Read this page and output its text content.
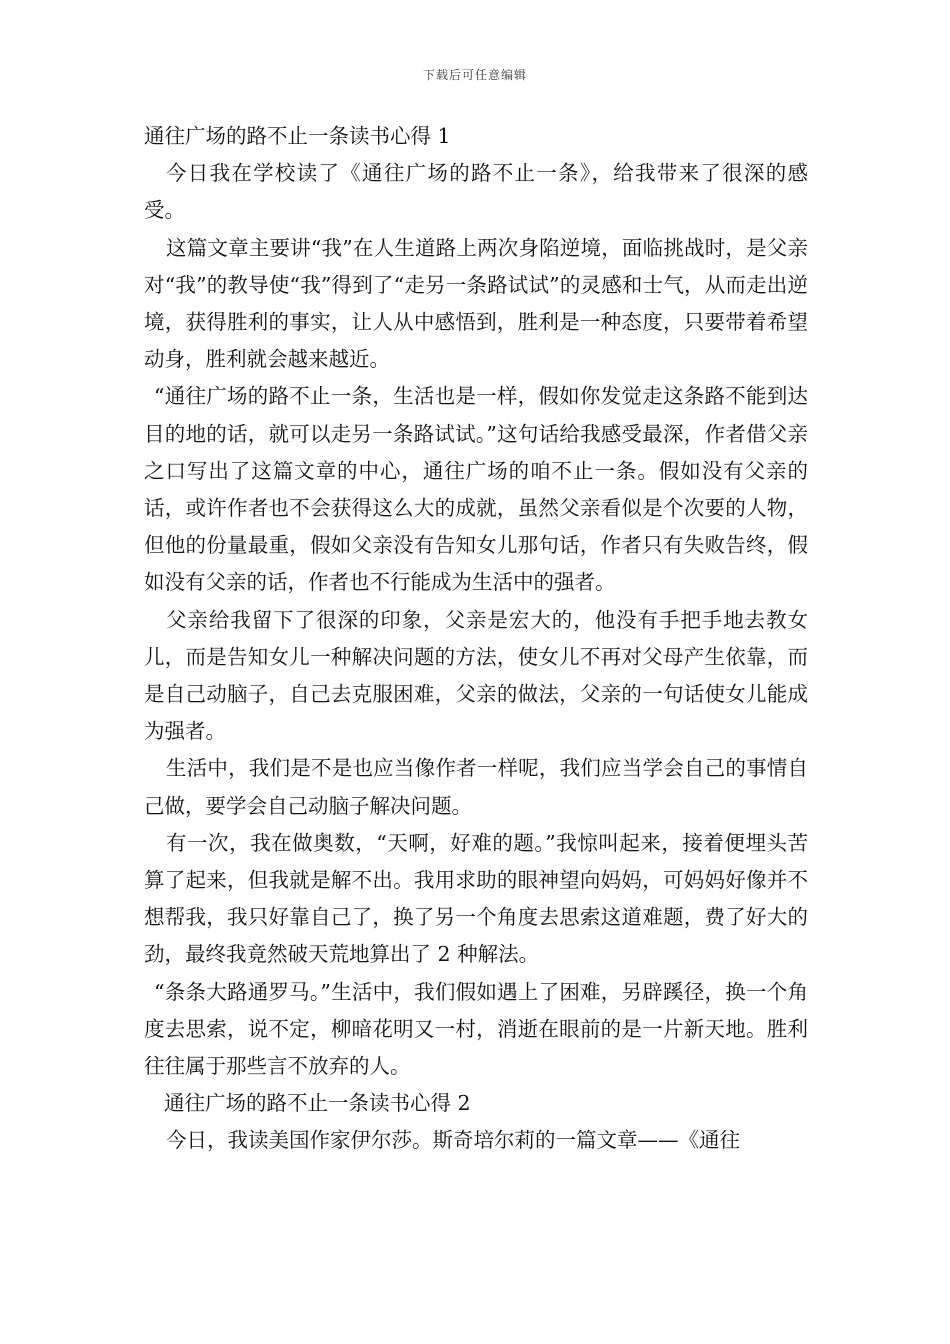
下载后可任意编辑

通往广场的路不止一条读书心得 1

今日我在学校读了《通往广场的路不止一条》，给我带来了很深的感受。

这篇文章主要讲“我”在人生道路上两次身陷逆境，面临挑战时，是父亲对“我”的教导使“我”得到了“走另一条路试试”的灵感和士气，从而走出逆境，获得胜利的事实，让人从中感悟到，胜利是一种态度，只要带着希望动身，胜利就会越来越近。

“通往广场的路不止一条，生活也是一样，假如你发觉走这条路不能到达目的地的话，就可以走另一条路试试。”这句话给我感受最深，作者借父亲之口写出了这篇文章的中心，通往广场的咱不止一条。假如没有父亲的话，或许作者也不会获得这么大的成就，虽然父亲看似是个次要的人物，但他的份量最重，假如父亲没有告知女儿那句话，作者只有失败告终，假如没有父亲的话，作者也不行能成为生活中的强者。

父亲给我留下了很深的印象，父亲是宏大的，他没有手把手地去教女儿，而是告知女儿一种解决问题的方法，使女儿不再对父母产生依靠，而是自己动脑子，自己去克服困难，父亲的做法，父亲的一句话使女儿能成为强者。

生活中，我们是不是也应当像作者一样呢，我们应当学会自己的事情自己做，要学会自己动脑子解决问题。

有一次，我在做奥数，“天啊，好难的题。”我惊叫起来，接着便埋头苦算了起来，但我就是解不出。我用求助的眼神望向妈妈，可妈妈好像并不想帮我，我只好靠自己了，换了另一个角度去思索这道难题，费了好大的劲，最终我竟然破天荒地算出了 2 种解法。

“条条大路通罗马。”生活中，我们假如遇上了困难，另辟蹊径，换一个角度去思索，说不定，柳暗花明又一村，消逝在眼前的是一片新天地。胜利往往属于那些言不放弃的人。

通往广场的路不止一条读书心得 2

今日，我读美国作家伊尔莎。斯奇培尔莉的一篇文章——《通往
